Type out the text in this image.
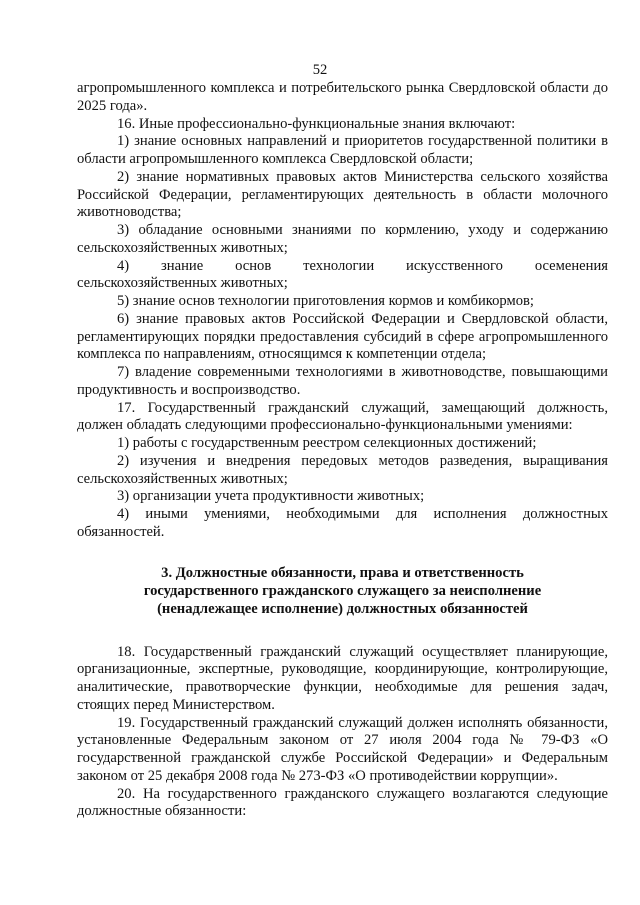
52

агропромышленного комплекса и потребительского рынка Свердловской области до 2025 года».

16. Иные профессионально-функциональные знания включают:

1) знание основных направлений и приоритетов государственной политики в области агропромышленного комплекса Свердловской области;

2) знание нормативных правовых актов Министерства сельского хозяйства Российской Федерации, регламентирующих деятельность в области молочного животноводства;

3) обладание основными знаниями по кормлению, уходу и содержанию сельскохозяйственных животных;

4) знание основ технологии искусственного осеменения сельскохозяйственных животных;

5) знание основ технологии приготовления кормов и комбикормов;

6) знание правовых актов Российской Федерации и Свердловской области, регламентирующих порядки предоставления субсидий в сфере агропромышленного комплекса по направлениям, относящимся к компетенции отдела;

7) владение современными технологиями в животноводстве, повышающими продуктивность и воспроизводство.

17. Государственный гражданский служащий, замещающий должность, должен обладать следующими профессионально-функциональными умениями:

1) работы с государственным реестром селекционных достижений;

2) изучения и внедрения передовых методов разведения, выращивания сельскохозяйственных животных;

3) организации учета продуктивности животных;

4) иными умениями, необходимыми для исполнения должностных обязанностей.

3. Должностные обязанности, права и ответственность
государственного гражданского служащего за неисполнение
(ненадлежащее исполнение) должностных обязанностей

18. Государственный гражданский служащий осуществляет планирующие, организационные, экспертные, руководящие, координирующие, контролирующие, аналитические, правотворческие функции, необходимые для решения задач, стоящих перед Министерством.

19. Государственный гражданский служащий должен исполнять обязанности, установленные Федеральным законом от 27 июля 2004 года № 79-ФЗ «О государственной гражданской службе Российской Федерации» и Федеральным законом от 25 декабря 2008 года № 273-ФЗ «О противодействии коррупции».

20. На государственного гражданского служащего возлагаются следующие должностные обязанности:
